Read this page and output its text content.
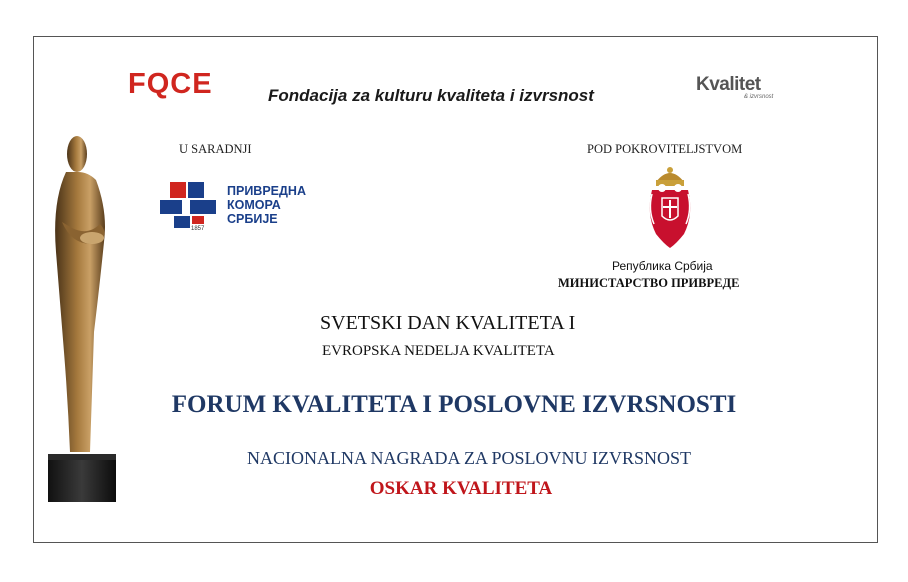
FQCE	Fondacija za kulturu kvaliteta i izvrsnost
Kvalitet
& izvrsnost
U SARADNJI
ПРИВРЕДНА
КОМОРА
СРБИЈЕ
1857
POD POKROVITELJSTVOM
Република Србија
МИНИСТАРСТВО ПРИВРЕДЕ
SVETSKI DAN KVALITETA I
EVROPSKA NEDELJA KVALITETA
FORUM KVALITETA I POSLOVNE IZVRSNOSTI
NACIONALNA NAGRADA ZA POSLOVNU IZVRSNOST
OSKAR KVALITETA
